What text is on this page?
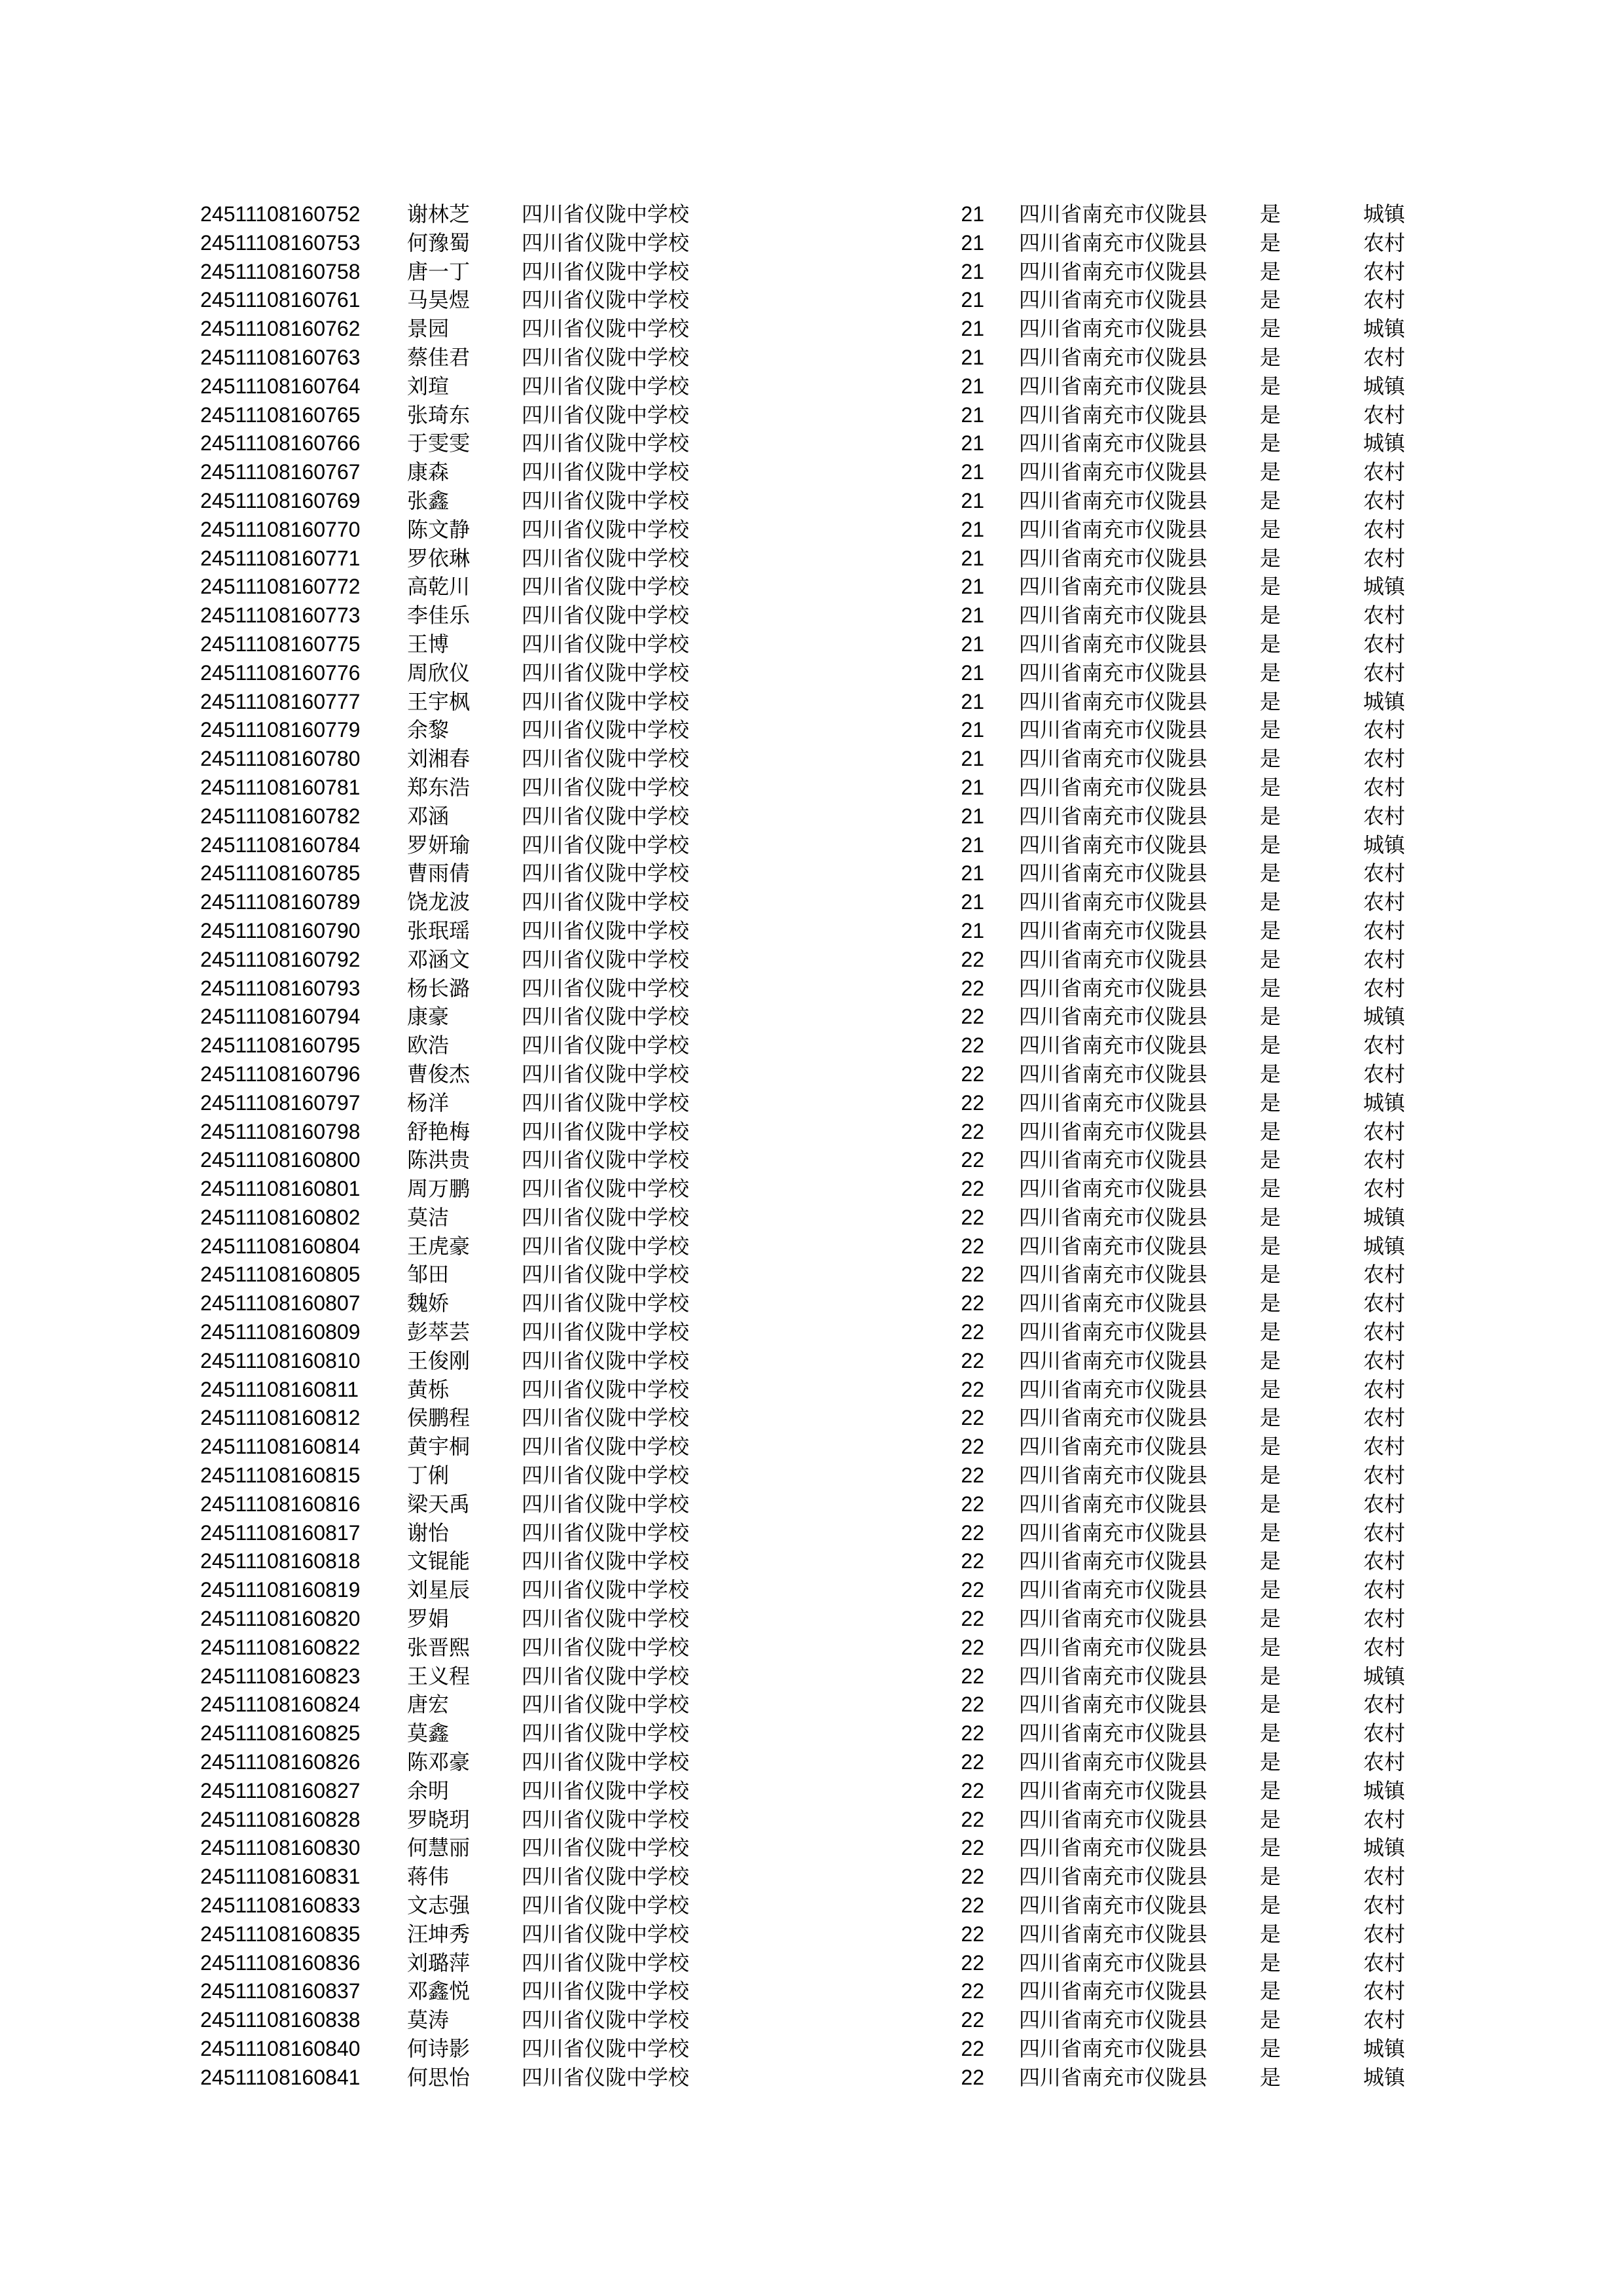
24511108160752 谢林芝 四川省仪陇中学校	21 四川省南充市仪陇县 是	城镇
24511108160753 何豫蜀 四川省仪陇中学校	21 四川省南充市仪陇县 是	农村
24511108160758 唐一丁 四川省仪陇中学校	21 四川省南充市仪陇县 是	农村
24511108160761 马昊煜 四川省仪陇中学校	21 四川省南充市仪陇县 是	农村
24511108160762 景园	四川省仪陇中学校	21 四川省南充市仪陇县 是	城镇
24511108160763 蔡佳君 四川省仪陇中学校	21 四川省南充市仪陇县 是	农村
24511108160764 刘瑄	四川省仪陇中学校	21 四川省南充市仪陇县 是	城镇
24511108160765 张琦东 四川省仪陇中学校	21 四川省南充市仪陇县 是	农村
24511108160766 于雯雯 四川省仪陇中学校	21 四川省南充市仪陇县 是	城镇
24511108160767 康森	四川省仪陇中学校	21 四川省南充市仪陇县 是	农村
24511108160769 张鑫	四川省仪陇中学校	21 四川省南充市仪陇县 是	农村
24511108160770 陈文静 四川省仪陇中学校	21 四川省南充市仪陇县 是	农村
24511108160771 罗依琳 四川省仪陇中学校	21 四川省南充市仪陇县 是	农村
24511108160772 高乾川 四川省仪陇中学校	21 四川省南充市仪陇县 是	城镇
24511108160773 李佳乐 四川省仪陇中学校	21 四川省南充市仪陇县 是	农村
24511108160775 王博	四川省仪陇中学校	21 四川省南充市仪陇县 是	农村
24511108160776 周欣仪 四川省仪陇中学校	21 四川省南充市仪陇县 是	农村
24511108160777 王宇枫 四川省仪陇中学校	21 四川省南充市仪陇县 是	城镇
24511108160779 余黎	四川省仪陇中学校	21 四川省南充市仪陇县 是	农村
24511108160780 刘湘春 四川省仪陇中学校	21 四川省南充市仪陇县 是	农村
24511108160781 郑东浩 四川省仪陇中学校	21 四川省南充市仪陇县 是	农村
24511108160782 邓涵	四川省仪陇中学校	21 四川省南充市仪陇县 是	农村
24511108160784 罗妍瑜 四川省仪陇中学校	21 四川省南充市仪陇县 是	城镇
24511108160785 曹雨倩 四川省仪陇中学校	21 四川省南充市仪陇县 是	农村
24511108160789 饶龙波 四川省仪陇中学校	21 四川省南充市仪陇县 是	农村
24511108160790 张珉瑶 四川省仪陇中学校	21 四川省南充市仪陇县 是	农村
24511108160792 邓涵文 四川省仪陇中学校	22 四川省南充市仪陇县 是	农村
24511108160793 杨长潞 四川省仪陇中学校	22 四川省南充市仪陇县 是	农村
24511108160794 康豪	四川省仪陇中学校	22 四川省南充市仪陇县 是	城镇
24511108160795 欧浩	四川省仪陇中学校	22 四川省南充市仪陇县 是	农村
24511108160796 曹俊杰 四川省仪陇中学校	22 四川省南充市仪陇县 是	农村
24511108160797 杨洋	四川省仪陇中学校	22 四川省南充市仪陇县 是	城镇
24511108160798 舒艳梅 四川省仪陇中学校	22 四川省南充市仪陇县 是	农村
24511108160800 陈洪贵 四川省仪陇中学校	22 四川省南充市仪陇县 是	农村
24511108160801 周万鹏 四川省仪陇中学校	22 四川省南充市仪陇县 是	农村
24511108160802 莫洁	四川省仪陇中学校	22 四川省南充市仪陇县 是	城镇
24511108160804 王虎豪 四川省仪陇中学校	22 四川省南充市仪陇县 是	城镇
24511108160805 邹田	四川省仪陇中学校	22 四川省南充市仪陇县 是	农村
24511108160807 魏娇	四川省仪陇中学校	22 四川省南充市仪陇县 是	农村
24511108160809 彭萃芸 四川省仪陇中学校	22 四川省南充市仪陇县 是	农村
24511108160810 王俊刚 四川省仪陇中学校	22 四川省南充市仪陇县 是	农村
24511108160811 黄栎	四川省仪陇中学校	22 四川省南充市仪陇县 是	农村
24511108160812 侯鹏程 四川省仪陇中学校	22 四川省南充市仪陇县 是	农村
24511108160814 黄宇桐 四川省仪陇中学校	22 四川省南充市仪陇县 是	农村
24511108160815 丁俐	四川省仪陇中学校	22 四川省南充市仪陇县 是	农村
24511108160816 梁天禹 四川省仪陇中学校	22 四川省南充市仪陇县 是	农村
24511108160817 谢怡	四川省仪陇中学校	22 四川省南充市仪陇县 是	农村
24511108160818 文锟能 四川省仪陇中学校	22 四川省南充市仪陇县 是	农村
24511108160819 刘星辰 四川省仪陇中学校	22 四川省南充市仪陇县 是	农村
24511108160820 罗娟	四川省仪陇中学校	22 四川省南充市仪陇县 是	农村
24511108160822 张晋熙 四川省仪陇中学校	22 四川省南充市仪陇县 是	农村
24511108160823 王义程 四川省仪陇中学校	22 四川省南充市仪陇县 是	城镇
24511108160824 唐宏	四川省仪陇中学校	22 四川省南充市仪陇县 是	农村
24511108160825 莫鑫	四川省仪陇中学校	22 四川省南充市仪陇县 是	农村
24511108160826 陈邓豪 四川省仪陇中学校	22 四川省南充市仪陇县 是	农村
24511108160827 余明	四川省仪陇中学校	22 四川省南充市仪陇县 是	城镇
24511108160828 罗晓玥 四川省仪陇中学校	22 四川省南充市仪陇县 是	农村
24511108160830 何慧丽 四川省仪陇中学校	22 四川省南充市仪陇县 是	城镇
24511108160831 蒋伟	四川省仪陇中学校	22 四川省南充市仪陇县 是	农村
24511108160833 文志强 四川省仪陇中学校	22 四川省南充市仪陇县 是	农村
24511108160835 汪坤秀 四川省仪陇中学校	22 四川省南充市仪陇县 是	农村
24511108160836 刘璐萍 四川省仪陇中学校	22 四川省南充市仪陇县 是	农村
24511108160837 邓鑫悦 四川省仪陇中学校	22 四川省南充市仪陇县 是	农村
24511108160838 莫涛	四川省仪陇中学校	22 四川省南充市仪陇县 是	农村
24511108160840 何诗影 四川省仪陇中学校	22 四川省南充市仪陇县 是	城镇
24511108160841 何思怡 四川省仪陇中学校	22 四川省南充市仪陇县 是	城镇
